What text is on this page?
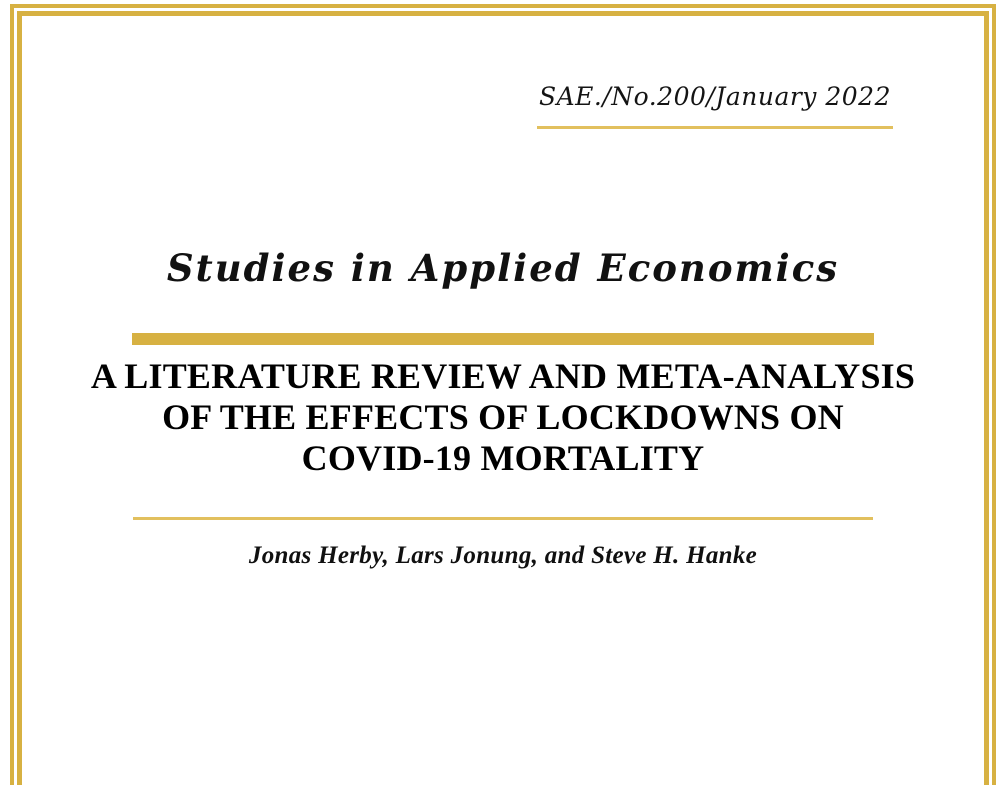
SAE./No.200/January 2022
Studies in Applied Economics
A LITERATURE REVIEW AND META-ANALYSIS
OF THE EFFECTS OF LOCKDOWNS ON
COVID-19 MORTALITY
Jonas Herby, Lars Jonung, and Steve H. Hanke
